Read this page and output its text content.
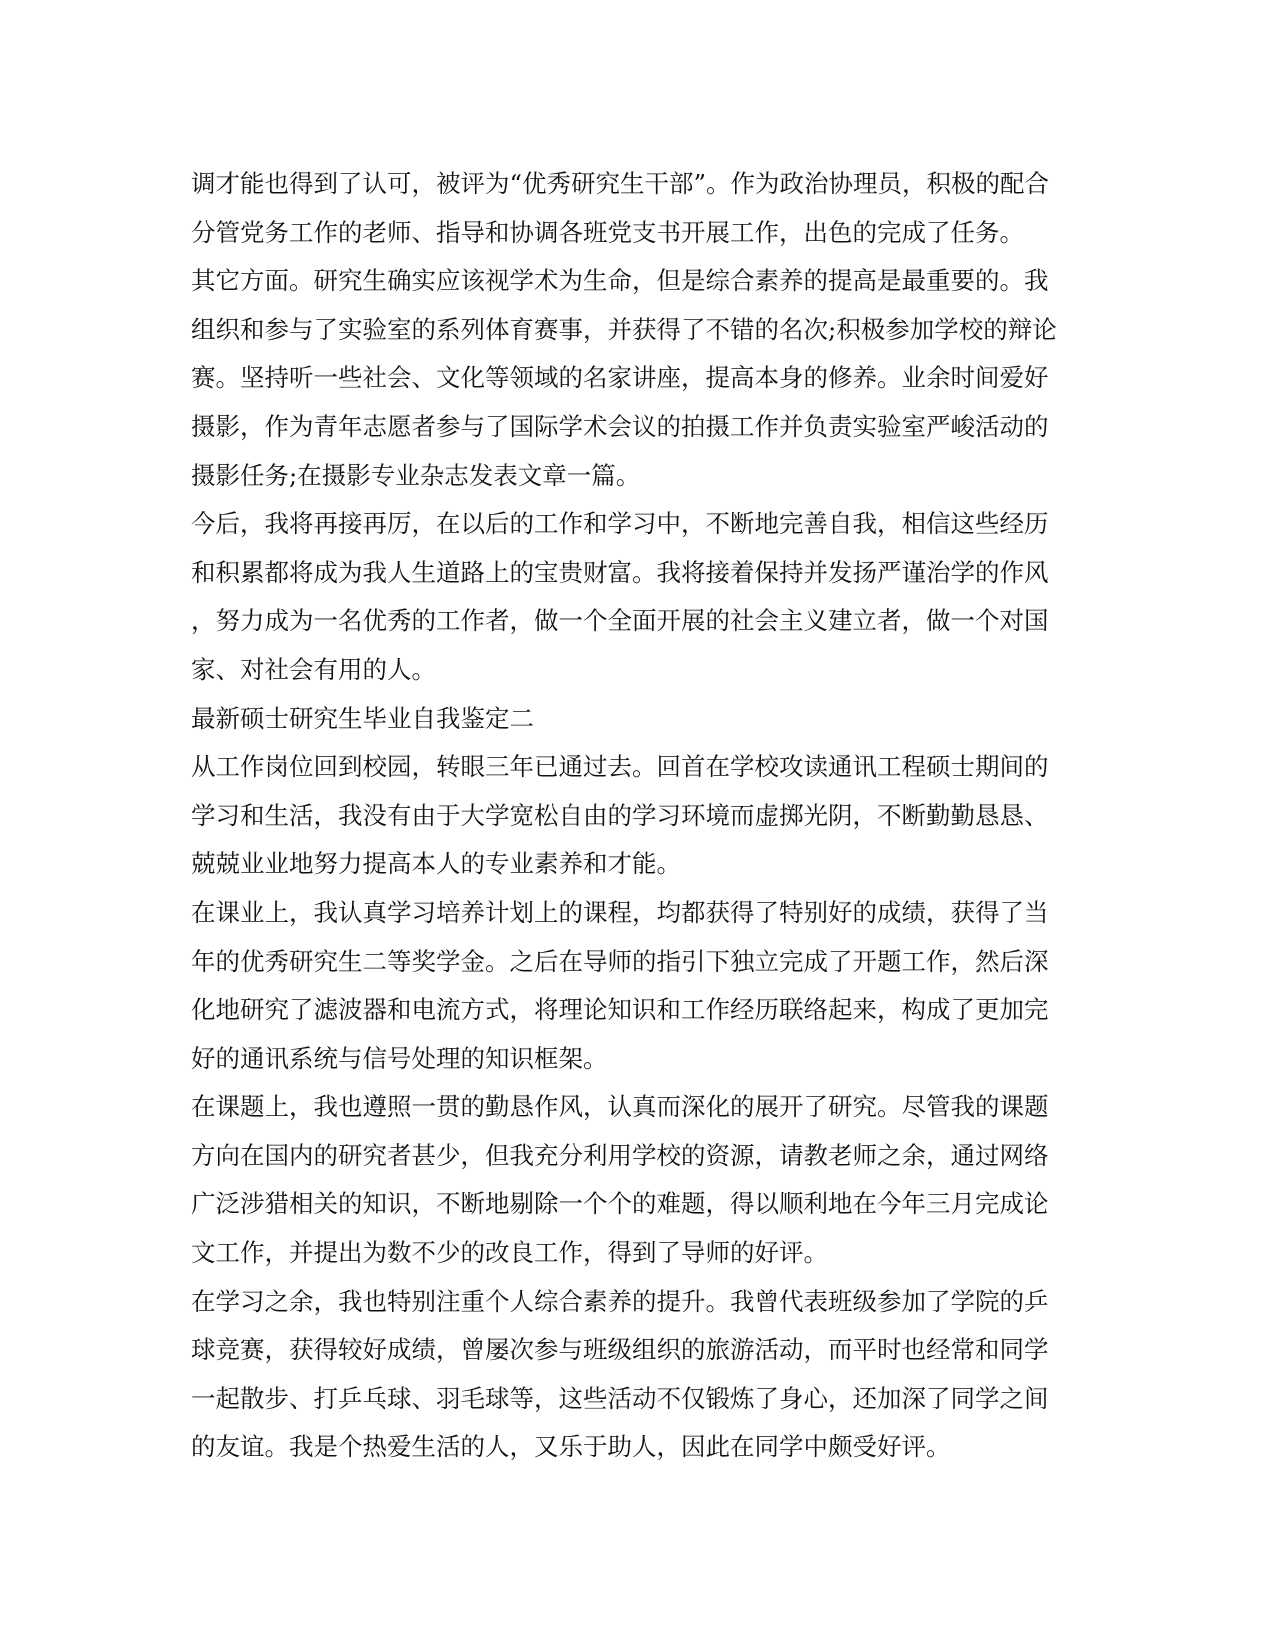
调才能也得到了认可，被评为“优秀研究生干部”。作为政治协理员，积极的配合
分管党务工作的老师、指导和协调各班党支书开展工作，出色的完成了任务。
其它方面。研究生确实应该视学术为生命，但是综合素养的提高是最重要的。我
组织和参与了实验室的系列体育赛事，并获得了不错的名次;积极参加学校的辩论
赛。坚持听一些社会、文化等领域的名家讲座，提高本身的修养。业余时间爱好
摄影，作为青年志愿者参与了国际学术会议的拍摄工作并负责实验室严峻活动的
摄影任务;在摄影专业杂志发表文章一篇。
今后，我将再接再厉，在以后的工作和学习中，不断地完善自我，相信这些经历
和积累都将成为我人生道路上的宝贵财富。我将接着保持并发扬严谨治学的作风
，努力成为一名优秀的工作者，做一个全面开展的社会主义建立者，做一个对国
家、对社会有用的人。
最新硕士研究生毕业自我鉴定二
从工作岗位回到校园，转眼三年已通过去。回首在学校攻读通讯工程硕士期间的
学习和生活，我没有由于大学宽松自由的学习环境而虚掷光阴，不断勤勤恳恳、
兢兢业业地努力提高本人的专业素养和才能。
在课业上，我认真学习培养计划上的课程，均都获得了特别好的成绩，获得了当
年的优秀研究生二等奖学金。之后在导师的指引下独立完成了开题工作，然后深
化地研究了滤波器和电流方式，将理论知识和工作经历联络起来，构成了更加完
好的通讯系统与信号处理的知识框架。
在课题上，我也遵照一贯的勤恳作风，认真而深化的展开了研究。尽管我的课题
方向在国内的研究者甚少，但我充分利用学校的资源，请教老师之余，通过网络
广泛涉猎相关的知识，不断地剔除一个个的难题，得以顺利地在今年三月完成论
文工作，并提出为数不少的改良工作，得到了导师的好评。
在学习之余，我也特别注重个人综合素养的提升。我曾代表班级参加了学院的乒
球竞赛，获得较好成绩，曾屡次参与班级组织的旅游活动，而平时也经常和同学
一起散步、打乒乓球、羽毛球等，这些活动不仅锻炼了身心，还加深了同学之间
的友谊。我是个热爱生活的人，又乐于助人，因此在同学中颇受好评。
